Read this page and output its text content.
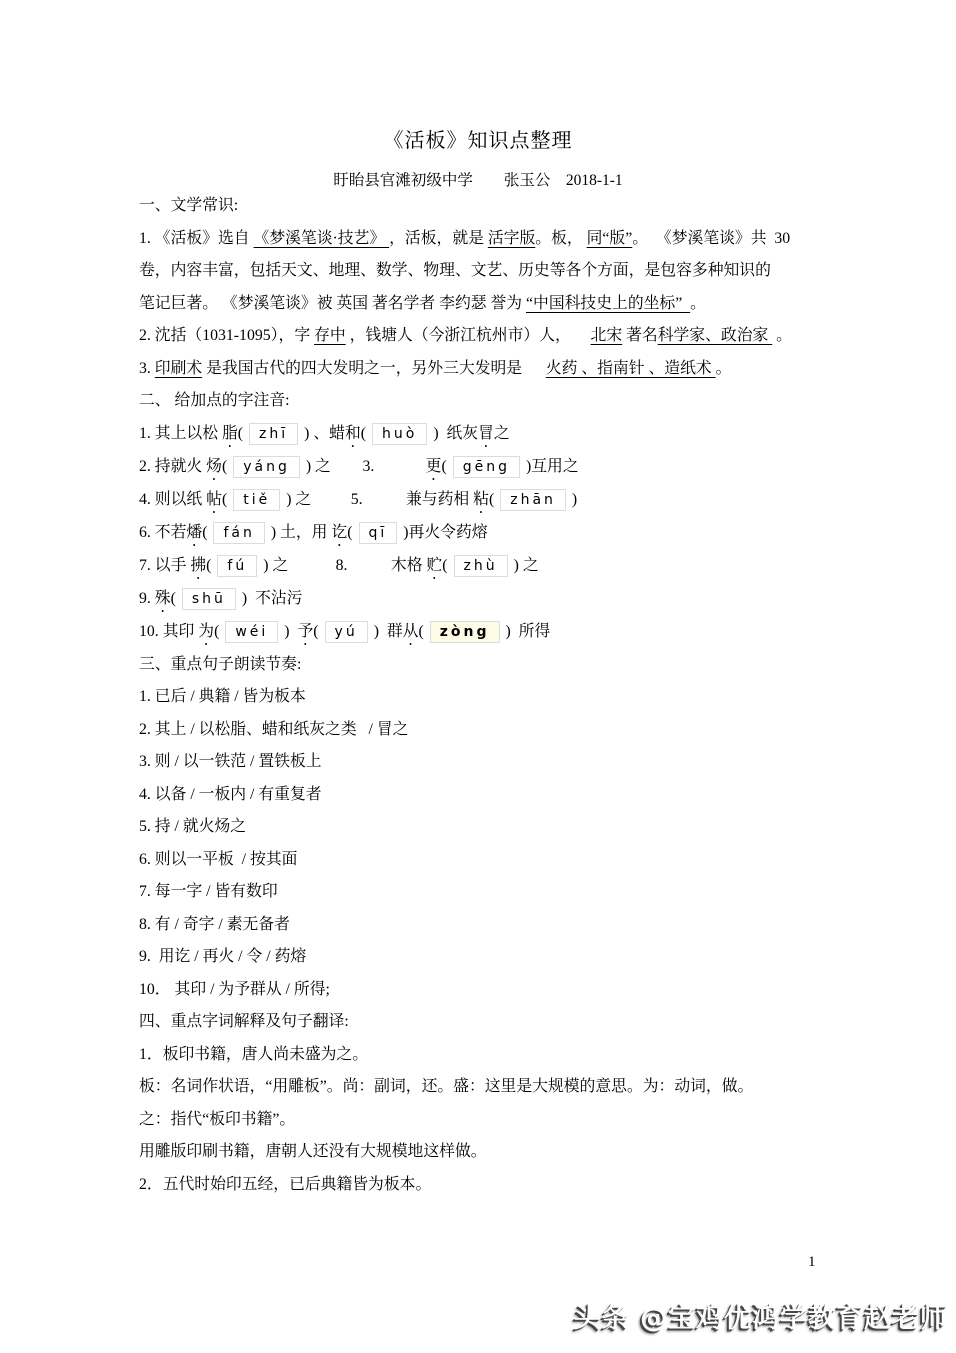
《活板》知识点整理
盱眙县官滩初级中学        张玉公    2018-1-1
一、文学常识:
1. 《活板》选自 《梦溪笔谈·技艺》 ，活板，就是 活字版。板， 同“版”。  《梦溪笔谈》共  30
卷，内容丰富，包括天文、地理、数学、物理、文艺、历史等各个方面，是包容多种知识的
笔记巨著。 《梦溪笔谈》被 英国 著名学者 李约瑟 誉为 “中国科技史上的坐标”  。
2. 沈括（1031-1095），字 存中 ，钱塘人（今浙江杭州市）人，     北宋 著名科学家、政治家  。
3. 印刷术 是我国古代的四大发明之一，另外三大发明是      火药 、指南针 、造纸术 。
二、 给加点的字注音:
1. 其上以松 脂( zhī ) 、蜡和( huò )  纸灰冒之
2. 持就火 炀( yáng ) 之        3.             更( gēng )互用之
4. 则以纸 帖( tiě ) 之          5.           兼与药相 粘( zhān )
6. 不若燔( fán ) 土，用 讫( qī )再火令药熔
7. 以手 拂( fú ) 之            8.           木格 贮( zhù ) 之
9. 殊( shū )  不沾污
10. 其印 为( wéi )  予( yú )  群从( zòng )  所得
三、重点句子朗读节奏:
1. 已后 / 典籍 / 皆为板本
2. 其上 / 以松脂、蜡和纸灰之类   / 冒之
3. 则 / 以一铁范 / 置铁板上
4. 以备 / 一板内 / 有重复者
5. 持 / 就火炀之
6. 则以一平板  / 按其面
7. 每一字 / 皆有数印
8. 有 / 奇字 / 素无备者
9.  用讫 / 再火 / 令 / 药熔
10． 其印 / 为予群从 / 所得;
四、重点字词解释及句子翻译:
1．板印书籍，唐人尚未盛为之。
板：名词作状语，“用雕板”。尚：副词，还。盛：这里是大规模的意思。为：动词，做。
之：指代“板印书籍”。
用雕版印刷书籍，唐朝人还没有大规模地这样做。
2．五代时始印五经，已后典籍皆为板本。
1
头条 @宝鸡优鸿学教育赵老师
